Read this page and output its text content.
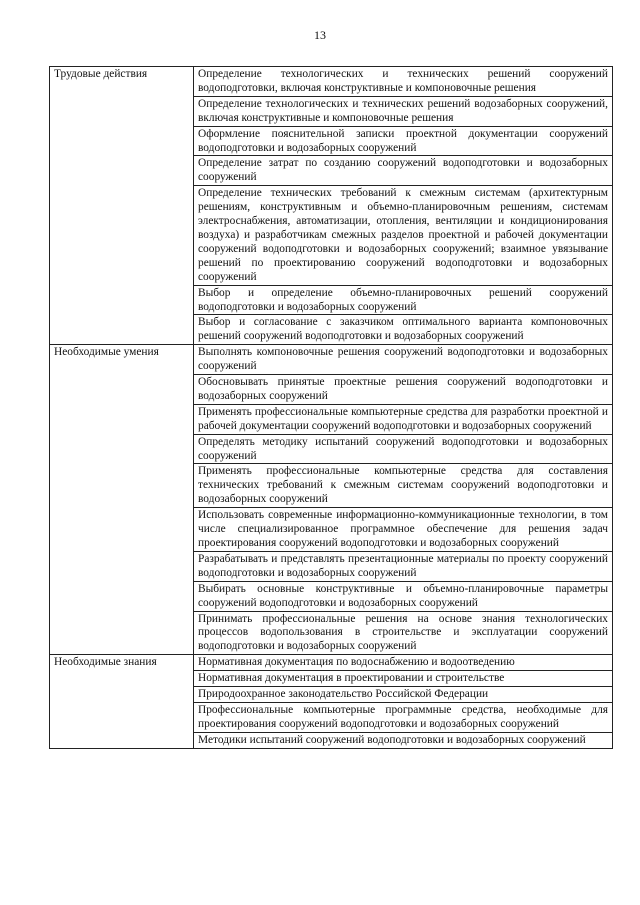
13
Трудовые действия	Определение технологических и технических решений сооружений водоподготовки, включая конструктивные и компоновочные решения
	Определение технологических и технических решений водозаборных сооружений, включая конструктивные и компоновочные решения
	Оформление пояснительной записки проектной документации сооружений водоподготовки и водозаборных сооружений
	Определение затрат по созданию сооружений водоподготовки и водозаборных сооружений
	Определение технических требований к смежным системам (архитектурным решениям, конструктивным и объемно-планировочным решениям, системам электроснабжения, автоматизации, отопления, вентиляции и кондиционирования воздуха) и разработчикам смежных разделов проектной и рабочей документации сооружений водоподготовки и водозаборных сооружений; взаимное увязывание решений по проектированию сооружений водоподготовки и водозаборных сооружений
	Выбор и определение объемно-планировочных решений сооружений водоподготовки и водозаборных сооружений
	Выбор и согласование с заказчиком оптимального варианта компоновочных решений сооружений водоподготовки и водозаборных сооружений
Необходимые умения	Выполнять компоновочные решения сооружений водоподготовки и водозаборных сооружений
	Обосновывать принятые проектные решения сооружений водоподготовки и водозаборных сооружений
	Применять профессиональные компьютерные средства для разработки проектной и рабочей документации сооружений водоподготовки и водозаборных сооружений
	Определять методику испытаний сооружений водоподготовки и водозаборных сооружений
	Применять профессиональные компьютерные средства для составления технических требований к смежным системам сооружений водоподготовки и водозаборных сооружений
	Использовать современные информационно-коммуникационные технологии, в том числе специализированное программное обеспечение для решения задач проектирования сооружений водоподготовки и водозаборных сооружений
	Разрабатывать и представлять презентационные материалы по проекту сооружений водоподготовки и водозаборных сооружений
	Выбирать основные конструктивные и объемно-планировочные параметры сооружений водоподготовки и водозаборных сооружений
	Принимать профессиональные решения на основе знания технологических процессов водопользования в строительстве и эксплуатации сооружений водоподготовки и водозаборных сооружений
Необходимые знания	Нормативная документация по водоснабжению и водоотведению
	Нормативная документация в проектировании и строительстве
	Природоохранное законодательство Российской Федерации
	Профессиональные компьютерные программные средства, необходимые для проектирования сооружений водоподготовки и водозаборных сооружений
	Методики испытаний сооружений водоподготовки и водозаборных сооружений
